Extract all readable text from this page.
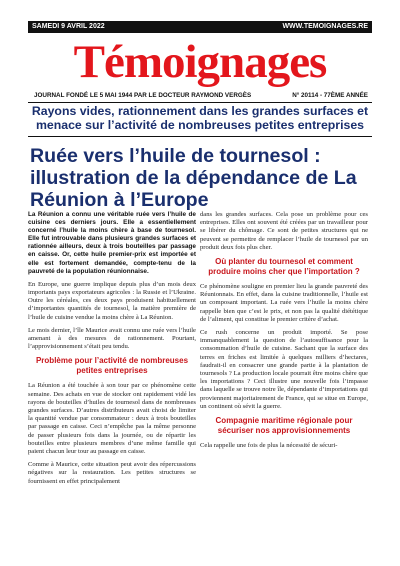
SAMEDI 9 AVRIL 2022	WWW.TEMOIGNAGES.RE
Témoignages
JOURNAL FONDÉ LE 5 MAI 1944 PAR LE DOCTEUR RAYMOND VERGÈS	N° 20114 - 77ÈME ANNÉE
Rayons vides, rationnement dans les grandes surfaces et menace sur l’activité de nombreuses petites entreprises
Ruée vers l’huile de tournesol : illustration de la dépendance de La Réunion à l’Europe

La Réunion a connu une véritable ruée vers l’huile de cuisine ces derniers jours. Elle a essentiellement concerné l’huile la moins chère à base de tournesol. Elle fut introuvable dans plusieurs grandes surfaces et rationnée ailleurs, deux à trois bouteilles par passage en caisse. Or, cette huile premier-prix est importée et elle est fortement demandée, compte-tenu de la pauvreté de la population réunionnaise.

En Europe, une guerre implique depuis plus d’un mois deux importants pays exportateurs agricoles : la Russie et l’Ukraine. Outre les céréales, ces deux pays produisent habituellement d’importantes quantités de tournesol, la matière première de l’huile de cuisine vendue la moins chère à La Réunion.

Le mois dernier, l’île Maurice avait connu une ruée vers l’huile amenant à des mesures de rationnement. Pourtant, l’approvisionnement s’était peu tendu.

Problème pour l’activité de nombreuses petites entreprises

La Réunion a été touchée à son tour par ce phénomène cette semaine. Des achats en vue de stocker ont rapidement vidé les rayons de bouteilles d’huiles de tournesol dans de nombreuses grandes surfaces. D’autres distributeurs avait choisi de limiter la quantité vendue par consommateur : deux à trois bouteilles par passage en caisse. Ceci n’empêche pas la même personne de passer plusieurs fois dans la journée, ou de répartir les bouteilles entre plusieurs membres d’une même famille qui paient chacun leur tour au passage en caisse.

Comme à Maurice, cette situation peut avoir des répercussions négatives sur la restauration. Les petites structures se fournissent en effet principalement

dans les grandes surfaces. Cela pose un problème pour ces entreprises. Elles ont souvent été créées par un travailleur pour se libérer du chômage. Ce sont de petites structures qui ne peuvent se permettre de remplacer l’huile de tournesol par un produit deux fois plus cher.

Où planter du tournesol et comment produire moins cher que l’importation ?

Ce phénomène souligne en premier lieu la grande pauvreté des Réunionnais. En effet, dans la cuisine traditionnelle, l’huile est un composant important. La ruée vers l’huile la moins chère rappelle bien que c’est le prix, et non pas la qualité diététique de l’aliment, qui constitue le premier critère d’achat.

Ce rush concerne un produit importé. Se pose immanquablement la question de l’autosuffisance pour la consommation d’huile de cuisine. Sachant que la surface des terres en friches est limitée à quelques milliers d’hectares, faudrait-il en consacrer une grande partie à la plantation de tournesols ? La production locale pourrait être moins chère que les importations ? Ceci illustre une nouvelle fois l’impasse dans laquelle se trouve notre île, dépendante d’importations qui proviennent majoritairement de France, qui se situe en Europe, un continent où sévit la guerre.

Compagnie maritime régionale pour sécuriser nos approvisionnements

Cela rappelle une fois de plus la nécessité de sécuri-
